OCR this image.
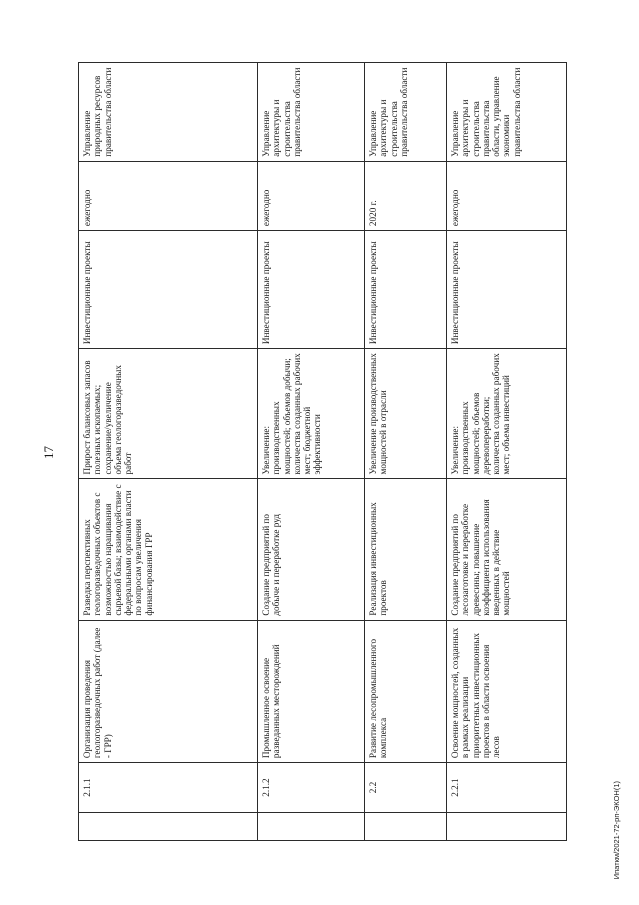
17
Ипаткм/2021-72-рп-ЭКОН(1)
	2.1.1	Организация проведения геологоразведочных работ (далее - ГРР)	Разведка перспективных геологоразведочных объектов с возможностью наращивания сырьевой базы; взаимодействие с федеральными органами власти по вопросам увеличения финансирования ГРР	Прирост балансовых запасов полезных ископаемых; сохранение/увеличение объема геологоразведочных работ	Инвестиционные проекты	ежегодно	Управление природных ресурсов правительства области
	2.1.2	Промышленное освоение разведанных месторождений	Создание предприятий по добыче и переработке руд	Увеличение: производственных мощностей; объемов добычи; количества созданных рабочих мест; бюджетной эффективности	Инвестиционные проекты	ежегодно	Управление архитектуры и строительства правительства области
	2.2	Развитие лесопромышленного комплекса	Реализация инвестиционных проектов	Увеличение производственных мощностей в отрасли	Инвестиционные проекты	2020 г.	Управление архитектуры и строительства правительства области
	2.2.1	Освоение мощностей, созданных в рамках реализации приоритетных инвестиционных проектов в области освоения лесов	Создание предприятий по лесозаготовке и переработке древесины; повышение коэффициента использования введенных в действие мощностей	Увеличение: производственных мощностей; объемов деревопереработки; количества созданных рабочих мест; объема инвестиций	Инвестиционные проекты	ежегодно	Управление архитектуры и строительства правительства области, управление экономики правительства области
